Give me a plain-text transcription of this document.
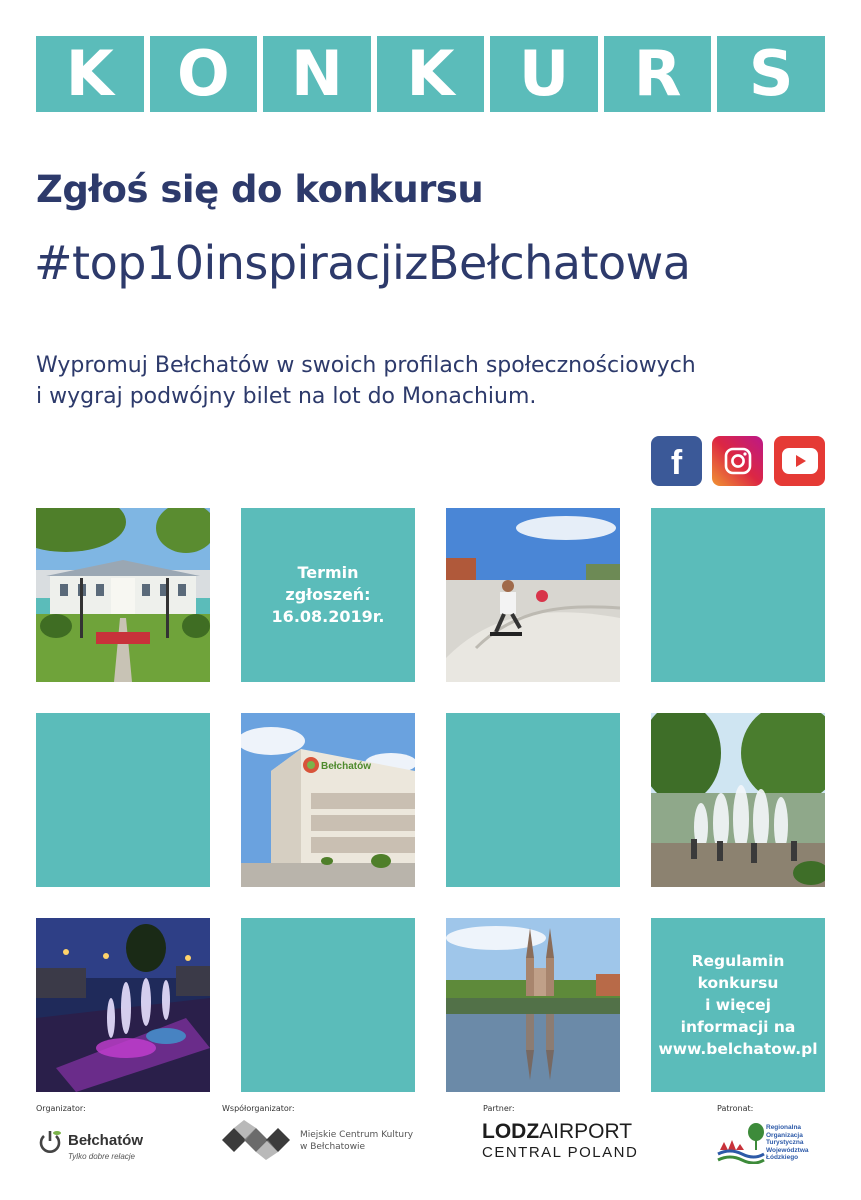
K	O N	K	U	R	S
Zgłoś się do konkursu
#top10inspiracjizBełchatowa
Wypromuj Bełchatów w swoich profilach społecznościowych
i wygraj podwójny bilet na lot do Monachium.
f
Termin
zgłoszeń:
16.08.2019r.
Bełchatów
Regulamin
konkursu
i więcej
informacji na
www.belchatow.pl
Organizator:
Bełchatów
Tylko dobre relacje
Współorganizator:
Miejskie Centrum Kultury
w Bełchatowie
Partner:
LODZAIRPORT
CENTRAL POLAND
Patronat:
Regionalna
Organizacja
Turystyczna
Województwa
Łódzkiego
